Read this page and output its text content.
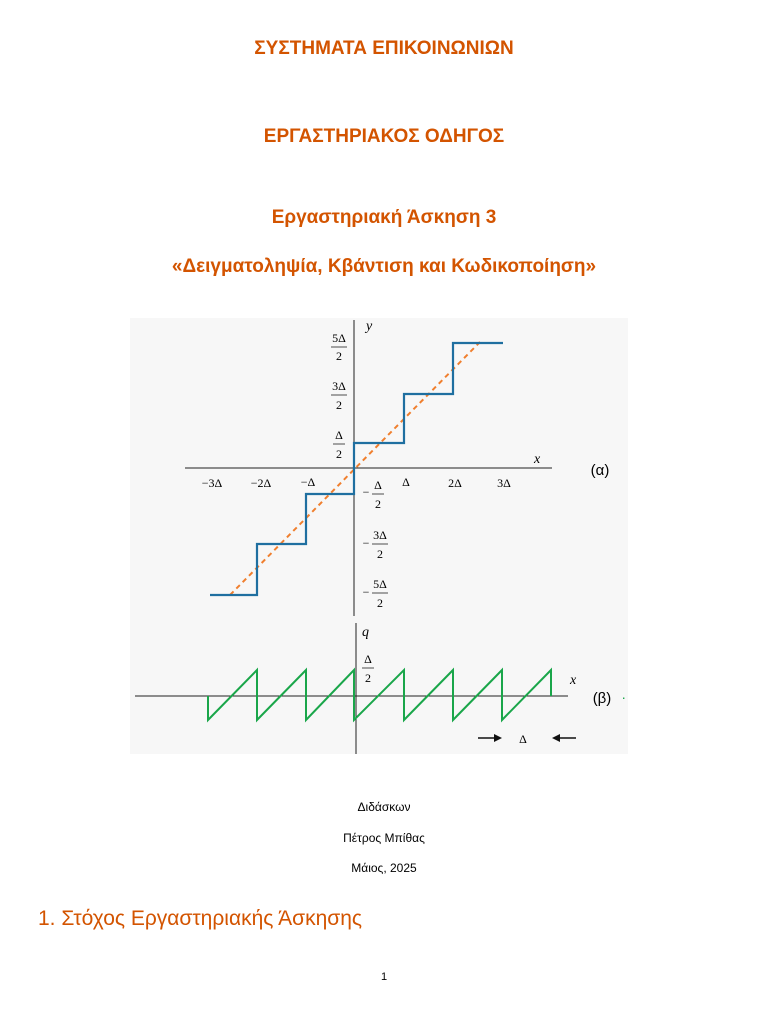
ΣΥΣΤΗΜΑΤΑ ΕΠΙΚΟΙΝΩΝΙΩΝ
ΕΡΓΑΣΤΗΡΙΑΚΟΣ ΟΔΗΓΟΣ
Εργαστηριακή Άσκηση 3
«Δειγματοληψία, Κβάντιση και Κωδικοποίηση»
y
x
−3Δ −2Δ −Δ	Δ	2Δ	3Δ
5Δ
2
3Δ
2
Δ
2
− Δ
2
−
3Δ
2
−
5Δ
2
(α)
q
x
Δ
2
(β) ·
Δ
Διδάσκων
Πέτρος Μπίθας
Μάιος, 2025
1. Στόχος Εργαστηριακής Άσκησης
1
